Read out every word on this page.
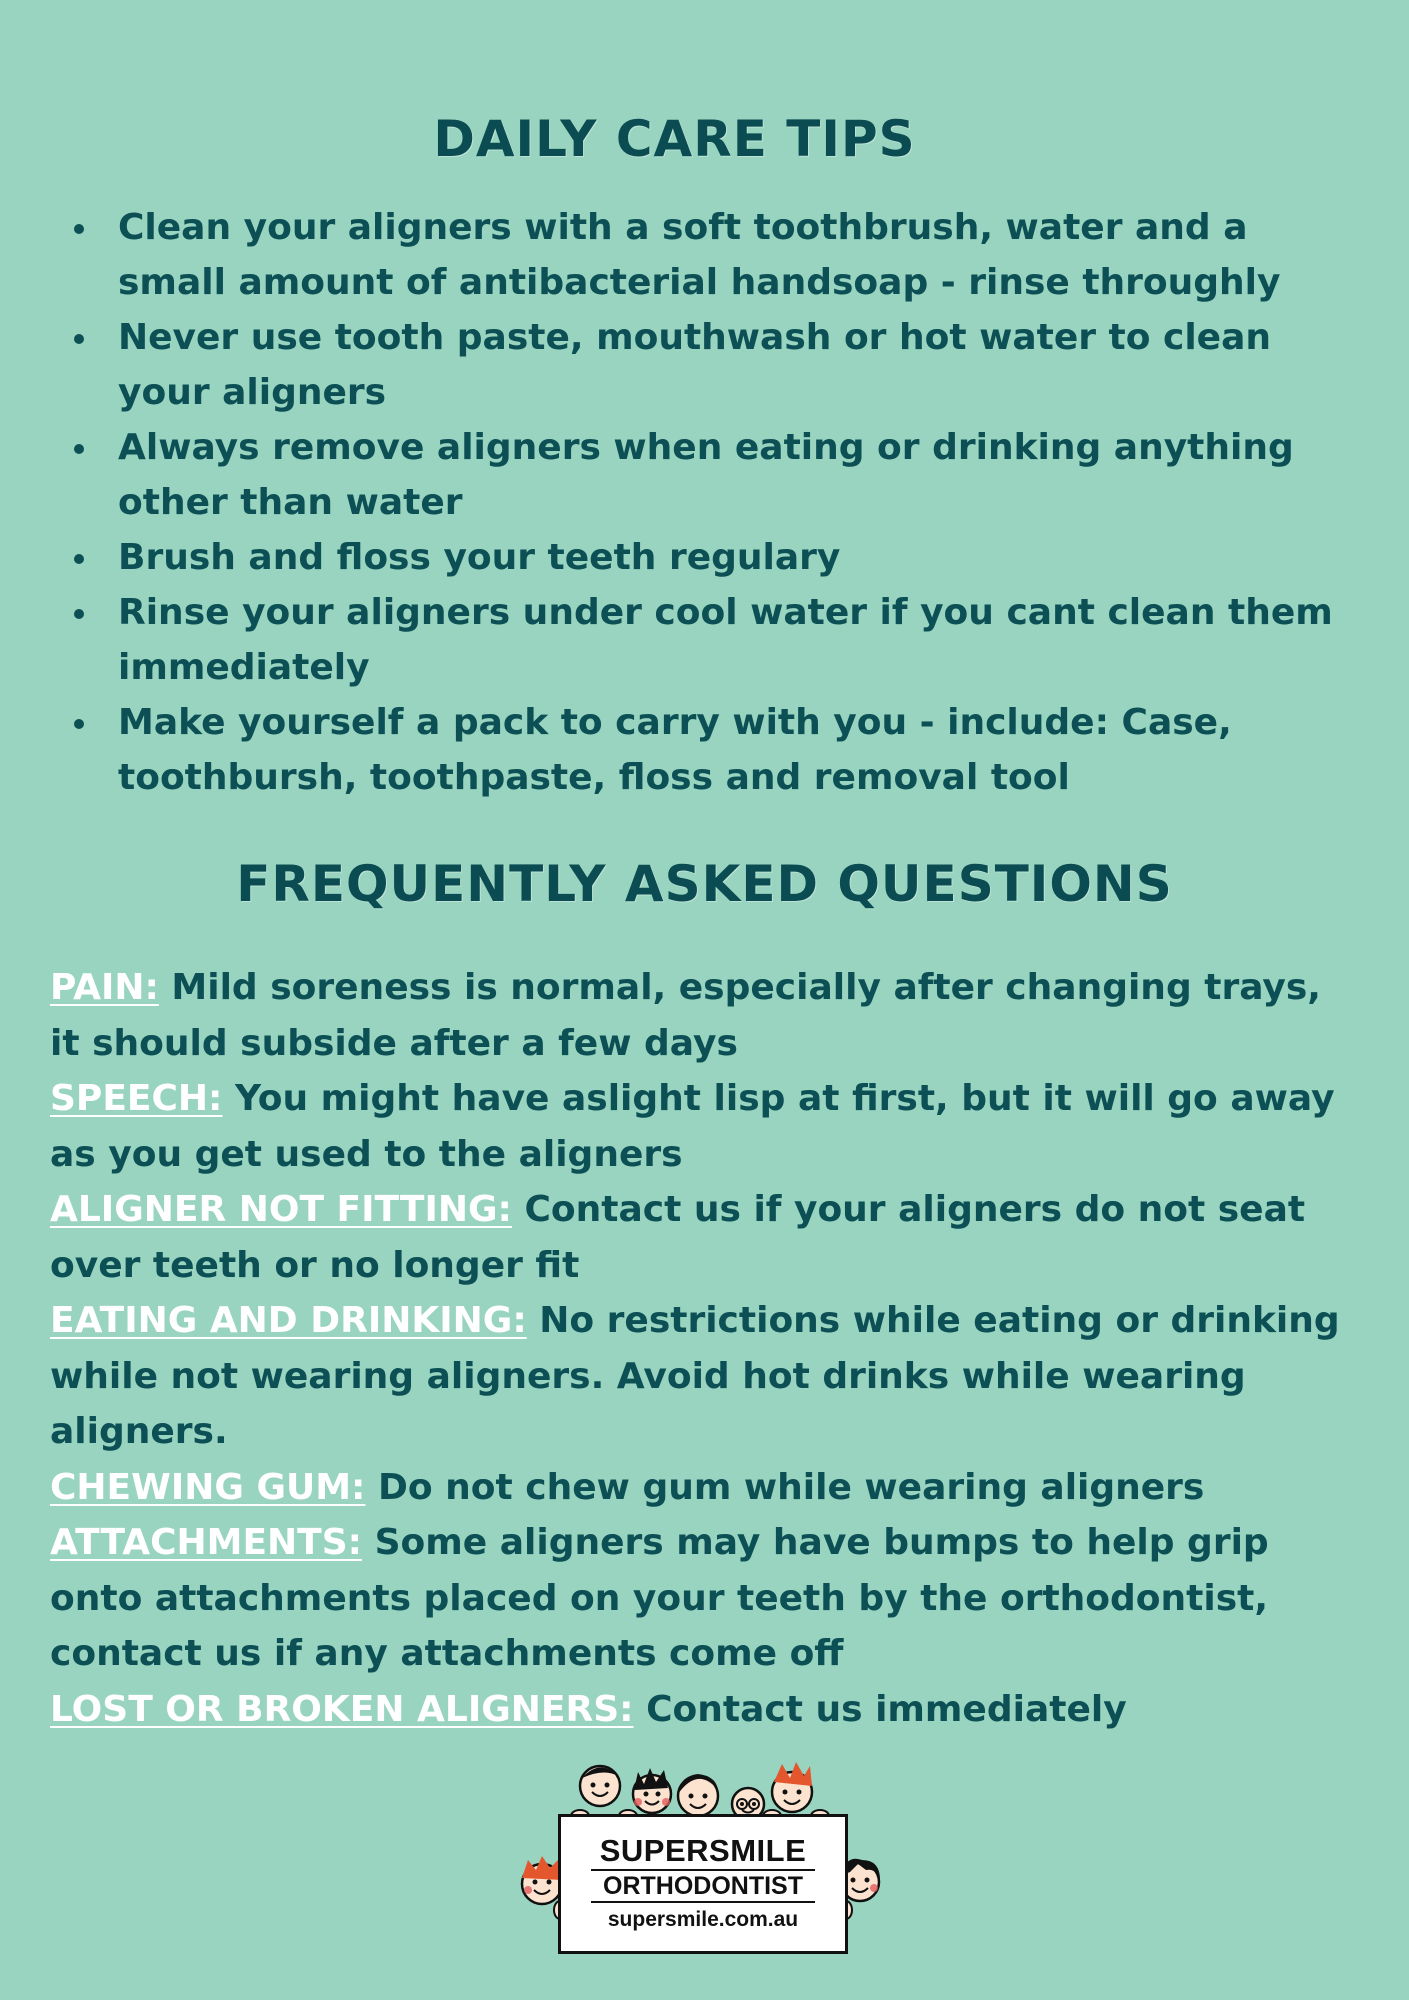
DAILY CARE TIPS
Clean your aligners with a soft toothbrush, water and a small amount of antibacterial handsoap - rinse throughly
Never use tooth paste, mouthwash or hot water to clean your aligners
Always remove aligners when eating or drinking anything other than water
Brush and floss your teeth regulary
Rinse your aligners under cool water if you cant clean them immediately
Make yourself a pack to carry with you - include: Case, toothbursh, toothpaste, floss and removal tool
FREQUENTLY ASKED QUESTIONS

PAIN: Mild soreness is normal, especially after changing trays, it should subside after a few days

SPEECH: You might have aslight lisp at first, but it will go away as you get used to the aligners

ALIGNER NOT FITTING: Contact us if your aligners do not seat over teeth or no longer fit

EATING AND DRINKING: No restrictions while eating or drinking while not wearing aligners. Avoid hot drinks while wearing aligners.

CHEWING GUM: Do not chew gum while wearing aligners

ATTACHMENTS: Some aligners may have bumps to help grip onto attachments placed on your teeth by the orthodontist, contact us if any attachments come off

LOST OR BROKEN ALIGNERS: Contact us immediately

SUPERSMILE
ORTHODONTIST
supersmile.com.au
